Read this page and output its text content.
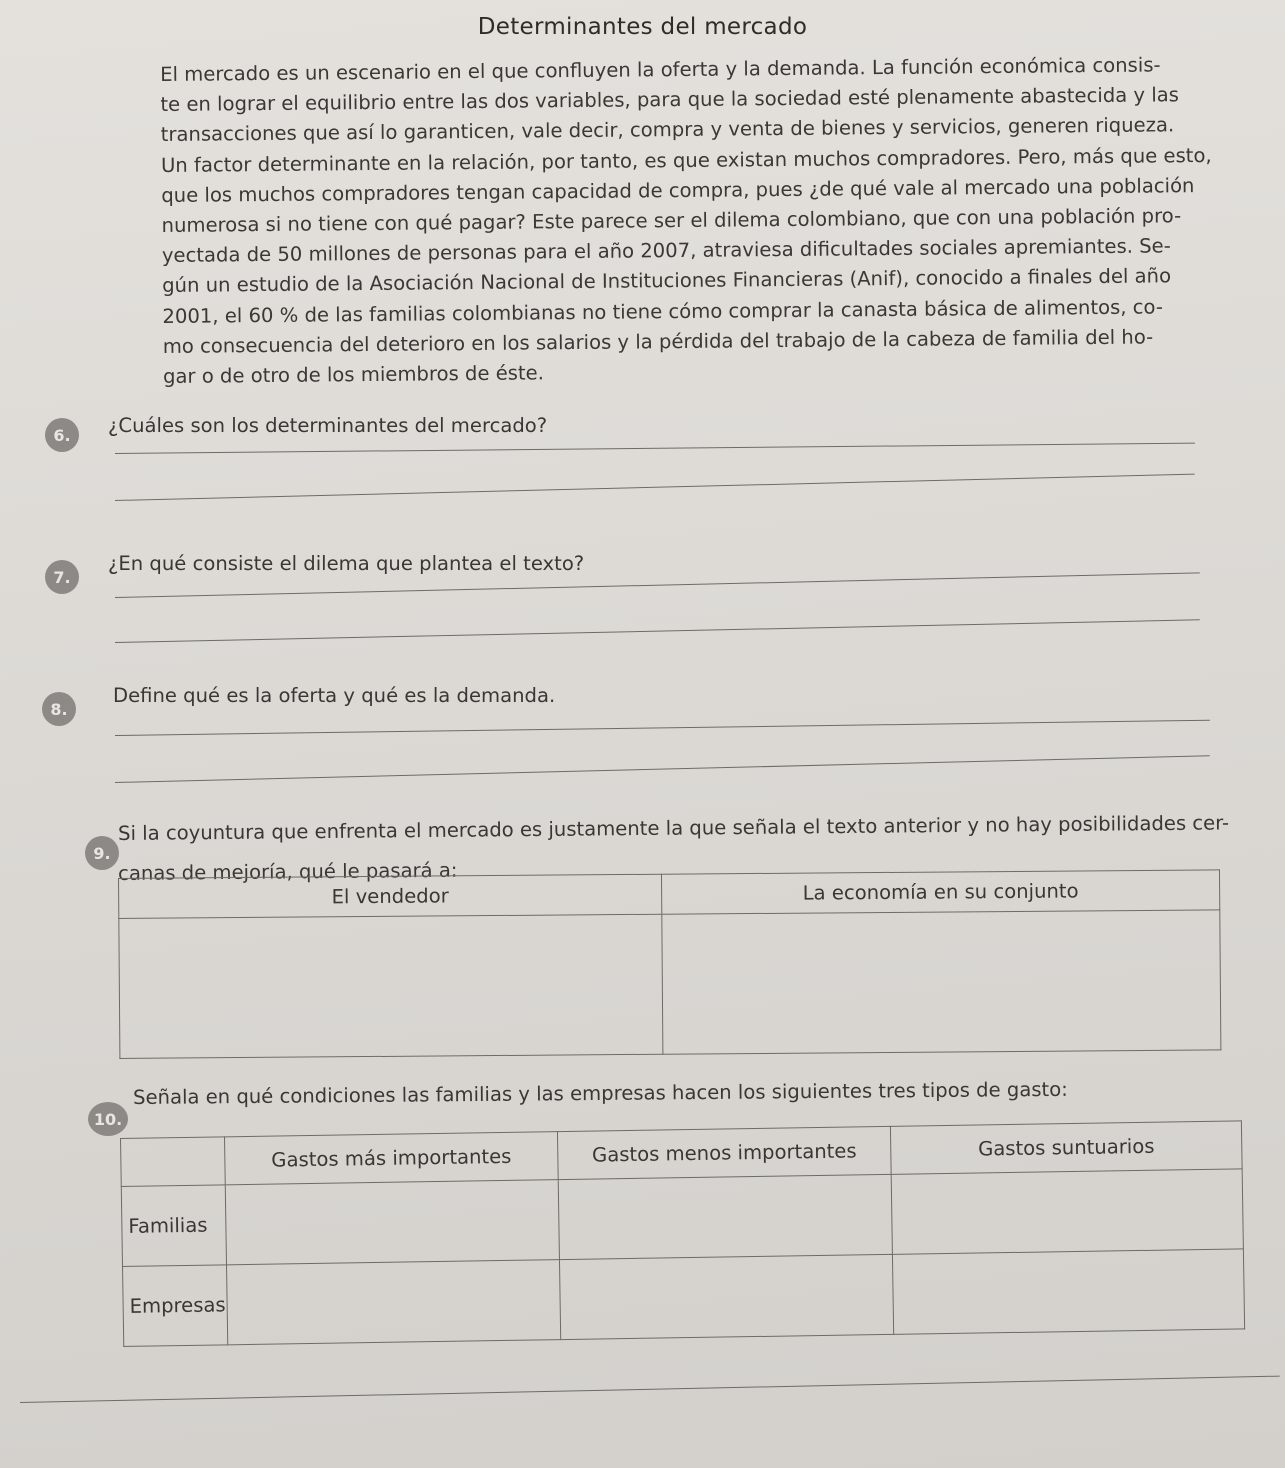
Determinantes del mercado
El mercado es un escenario en el que confluyen la oferta y la demanda. La función económica consis-
te en lograr el equilibrio entre las dos variables, para que la sociedad esté plenamente abastecida y las
transacciones que así lo garanticen, vale decir, compra y venta de bienes y servicios, generen riqueza.
Un factor determinante en la relación, por tanto, es que existan muchos compradores. Pero, más que esto,
que los muchos compradores tengan capacidad de compra, pues ¿de qué vale al mercado una población
numerosa si no tiene con qué pagar? Este parece ser el dilema colombiano, que con una población pro-
yectada de 50 millones de personas para el año 2007, atraviesa dificultades sociales apremiantes. Se-
gún un estudio de la Asociación Nacional de Instituciones Financieras (Anif), conocido a finales del año
2001, el 60 % de las familias colombianas no tiene cómo comprar la canasta básica de alimentos, co-
mo consecuencia del deterioro en los salarios y la pérdida del trabajo de la cabeza de familia del ho-
gar o de otro de los miembros de éste.
6.	¿Cuáles son los determinantes del mercado?
7.
¿En qué consiste el dilema que plantea el texto?
8.
Define qué es la oferta y qué es la demanda.
9.
Si la coyuntura que enfrenta el mercado es justamente la que señala el texto anterior y no hay posibilidades cer-
canas de mejoría, qué le pasará a:
El vendedor	La economía en su conjunto

10.
Señala en qué condiciones las familias y las empresas hacen los siguientes tres tipos de gasto:
	Gastos más importantes	Gastos menos importantes	Gastos suntuarios
Familias			
Empresas			
